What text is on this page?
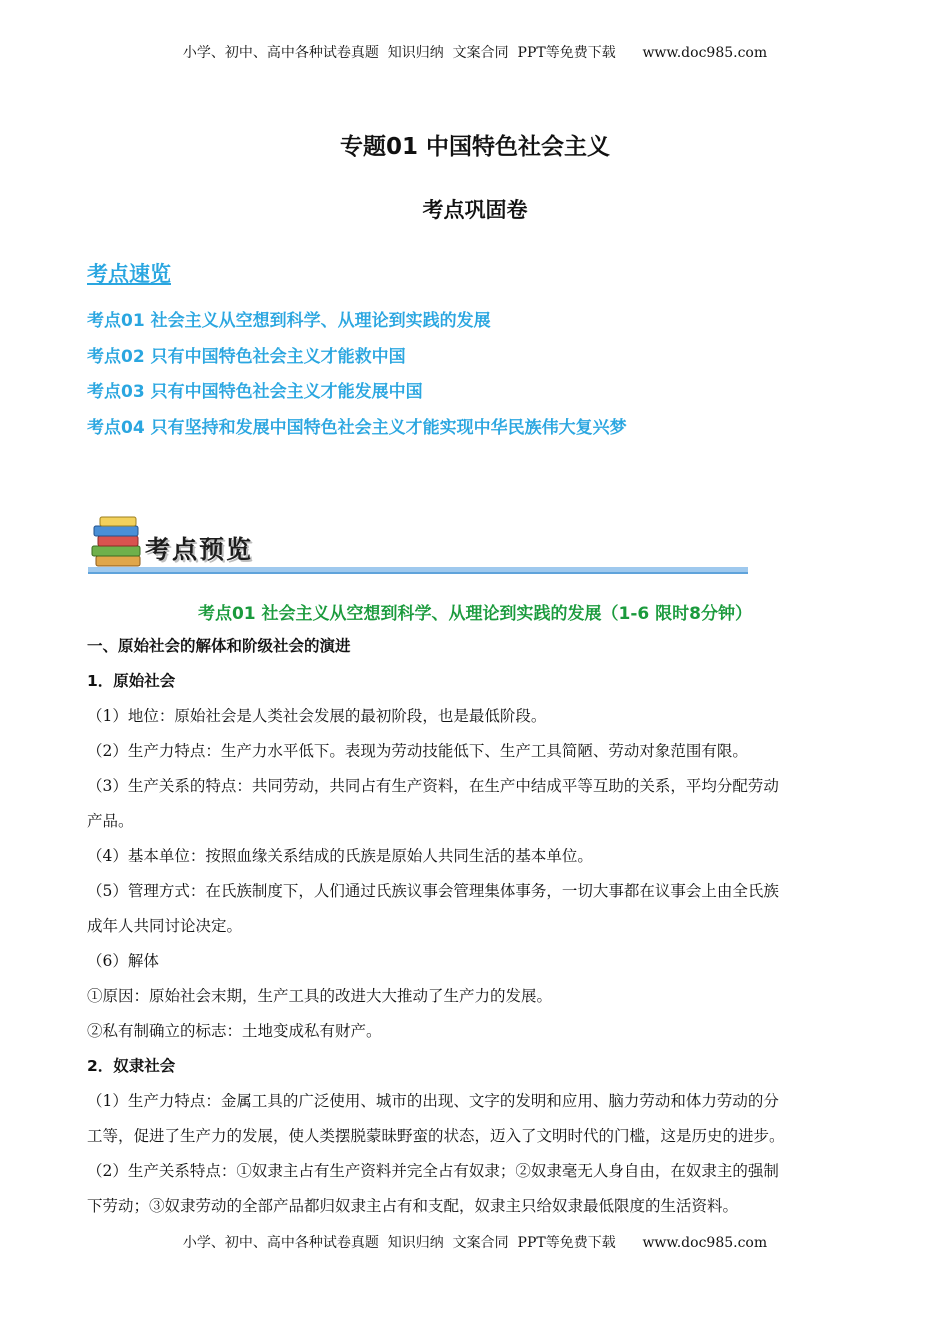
小学、初中、高中各种试卷真题  知识归纳  文案合同  PPT等免费下载      www.doc985.com
专题01 中国特色社会主义
考点巩固卷
考点速览
考点01 社会主义从空想到科学、从理论到实践的发展
考点02 只有中国特色社会主义才能救中国
考点03 只有中国特色社会主义才能发展中国
考点04 只有坚持和发展中国特色社会主义才能实现中华民族伟大复兴梦
考点预览
考点01 社会主义从空想到科学、从理论到实践的发展（1-6 限时8分钟）
一、原始社会的解体和阶级社会的演进
1．原始社会
（1）地位：原始社会是人类社会发展的最初阶段，也是最低阶段。
（2）生产力特点：生产力水平低下。表现为劳动技能低下、生产工具简陋、劳动对象范围有限。
（3）生产关系的特点：共同劳动，共同占有生产资料，在生产中结成平等互助的关系，平均分配劳动
产品。
（4）基本单位：按照血缘关系结成的氏族是原始人共同生活的基本单位。
（5）管理方式：在氏族制度下，人们通过氏族议事会管理集体事务，一切大事都在议事会上由全氏族
成年人共同讨论决定。
（6）解体
①原因：原始社会末期，生产工具的改进大大推动了生产力的发展。
②私有制确立的标志：土地变成私有财产。
2．奴隶社会
（1）生产力特点：金属工具的广泛使用、城市的出现、文字的发明和应用、脑力劳动和体力劳动的分
工等，促进了生产力的发展，使人类摆脱蒙昧野蛮的状态，迈入了文明时代的门槛，这是历史的进步。
（2）生产关系特点：①奴隶主占有生产资料并完全占有奴隶；②奴隶毫无人身自由，在奴隶主的强制
下劳动；③奴隶劳动的全部产品都归奴隶主占有和支配，奴隶主只给奴隶最低限度的生活资料。
小学、初中、高中各种试卷真题  知识归纳  文案合同  PPT等免费下载      www.doc985.com
